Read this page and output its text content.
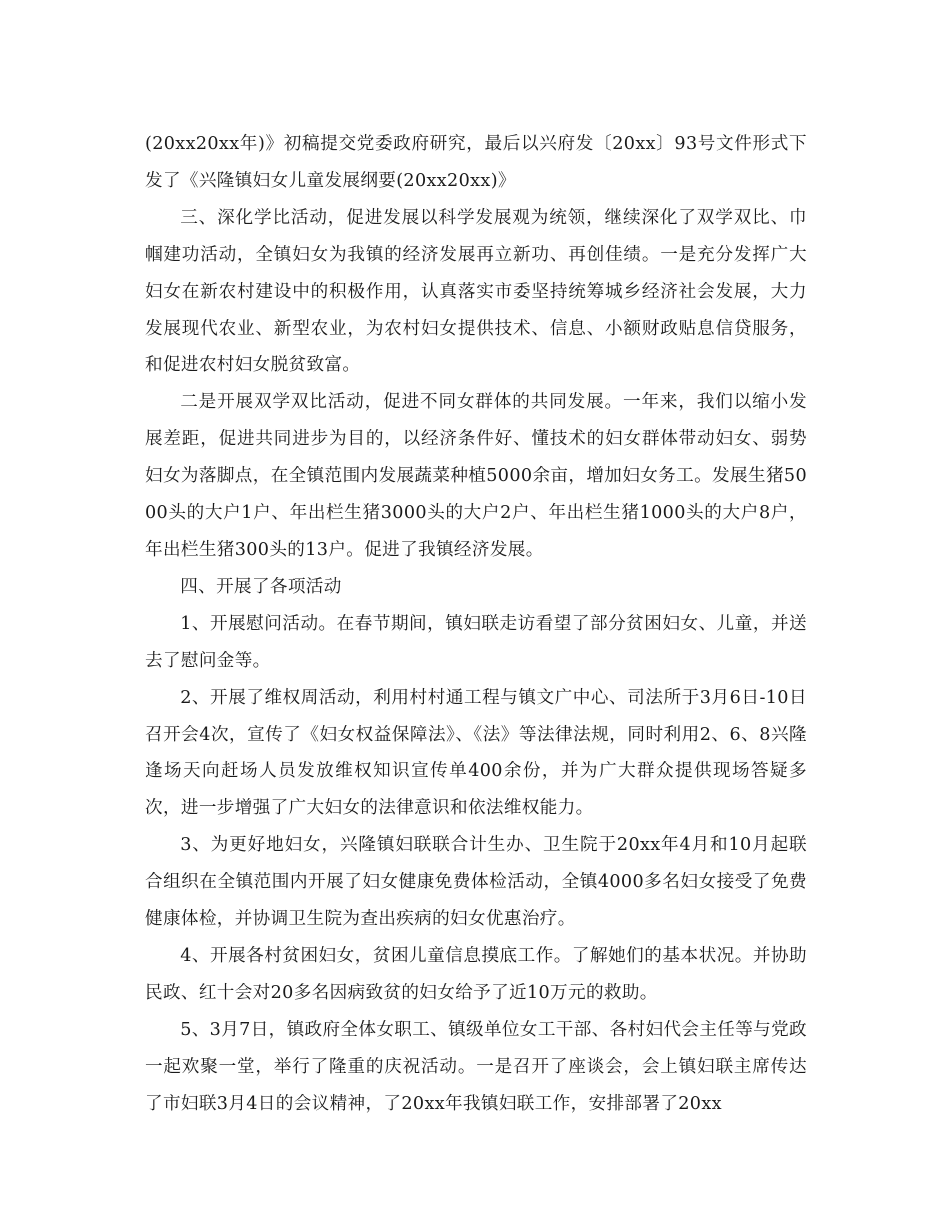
(20xx20xx年)》初稿提交党委政府研究，最后以兴府发〔20xx〕93号文件形式下发了《兴隆镇妇女儿童发展纲要(20xx20xx)》

三、深化学比活动，促进发展以科学发展观为统领，继续深化了双学双比、巾帼建功活动，全镇妇女为我镇的经济发展再立新功、再创佳绩。一是充分发挥广大妇女在新农村建设中的积极作用，认真落实市委坚持统筹城乡经济社会发展，大力发展现代农业、新型农业，为农村妇女提供技术、信息、小额财政贴息信贷服务，和促进农村妇女脱贫致富。

二是开展双学双比活动，促进不同女群体的共同发展。一年来，我们以缩小发展差距，促进共同进步为目的，以经济条件好、懂技术的妇女群体带动妇女、弱势妇女为落脚点，在全镇范围内发展蔬菜种植5000余亩，增加妇女务工。发展生猪5000头的大户1户、年出栏生猪3000头的大户2户、年出栏生猪1000头的大户8户，年出栏生猪300头的13户。促进了我镇经济发展。

四、开展了各项活动

1、开展慰问活动。在春节期间，镇妇联走访看望了部分贫困妇女、儿童，并送去了慰问金等。

2、开展了维权周活动，利用村村通工程与镇文广中心、司法所于3月6日-10日召开会4次，宣传了《妇女权益保障法》、《法》等法律法规，同时利用2、6、8兴隆逢场天向赶场人员发放维权知识宣传单400余份，并为广大群众提供现场答疑多次，进一步增强了广大妇女的法律意识和依法维权能力。

3、为更好地妇女，兴隆镇妇联联合计生办、卫生院于20xx年4月和10月起联合组织在全镇范围内开展了妇女健康免费体检活动，全镇4000多名妇女接受了免费健康体检，并协调卫生院为查出疾病的妇女优惠治疗。

4、开展各村贫困妇女，贫困儿童信息摸底工作。了解她们的基本状况。并协助民政、红十会对20多名因病致贫的妇女给予了近10万元的救助。

5、3月7日，镇政府全体女职工、镇级单位女工干部、各村妇代会主任等与党政一起欢聚一堂，举行了隆重的庆祝活动。一是召开了座谈会，会上镇妇联主席传达了市妇联3月4日的会议精神，了20xx年我镇妇联工作，安排部署了20xx
